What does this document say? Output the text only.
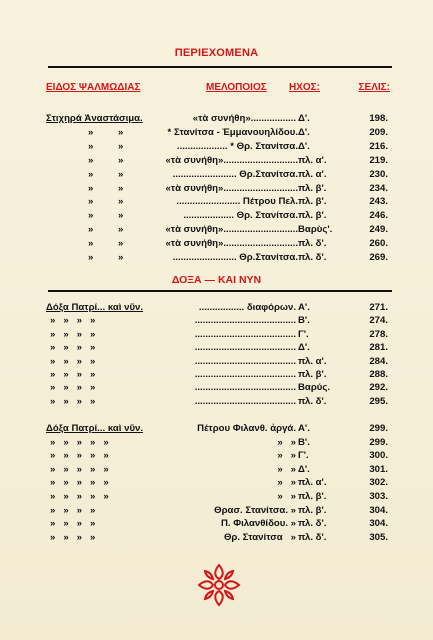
ΠΕΡΙΕΧΟΜΕΝΑ
ΕΙΔΟΣ ΨΑΛΜΩΔΙΑΣ	ΜΕΛΟΠΟΙΟΣ ΗΧΟΣ:	ΣΕΛΙΣ:
Στιχηρά Ἀναστάσιμα.	«τὰ συνήθη»................. Δ'.	198.
»	»	* Στανίτσα - Ἐμμανουηλίδου. Δ'.	209.
»	»	................... * Θρ. Στανίτσα. Δ'.	216.
»	»	«τὰ συνήθη»............................ πλ. α'.	219.
»	»	........................ Θρ.Στανίτσα. πλ. α'.	230.
»	»	«τὰ συνήθη»............................ πλ. β'.	234.
»	»	........................ Πέτρου Πελ. πλ. β'.	243.
»	»	................... Θρ. Στανίτσα. πλ. β'.	246.
»	»	«τὰ συνήθη»............................ Βαρὺς'.	249.
»	»	«τὰ συνήθη»............................ πλ. δ'.	260.
»	»	........................ Θρ.Στανίτσα. πλ. δ'.	269.
ΔΟΞΑ — ΚΑΙ ΝΥΝ
Δόξα Πατρί... καὶ νῦν.	................. διαφόρων. Α'.	271.
»   »   »   »	...................................... Β'.	274.
»   »   »   »	...................................... Γ'.	278.
»   »   »   »	...................................... Δ'.	281.
»   »   »   »	...................................... πλ. α'.	284.
»   »   »   »	...................................... πλ. β'.	288.
»   »   »   »	...................................... Βαρύς.	292.
»   »   »   »	...................................... πλ. δ'.	295.
Δόξα Πατρί... καὶ νῦν.	Πέτρου Φιλανθ. ἀργά. Α'.	299.
»   »   »   »   »	»   » Β'.	299.
»   »   »   »   »	»   » Γ'.	300.
»   »   »   »   »	»   » Δ'.	301.
»   »   »   »   »	»   » πλ. α'.	302.
»   »   »   »   »	»   » πλ. β'.	303.
»   »   »   »	Θρασ. Στανίτσα. » πλ. β'.	304.
»   »   »   »	Π. Φιλανθίδου. » πλ. δ'.	304.
»   »   »   »	Θρ. Στανίτσα   » πλ. δ'.	305.
